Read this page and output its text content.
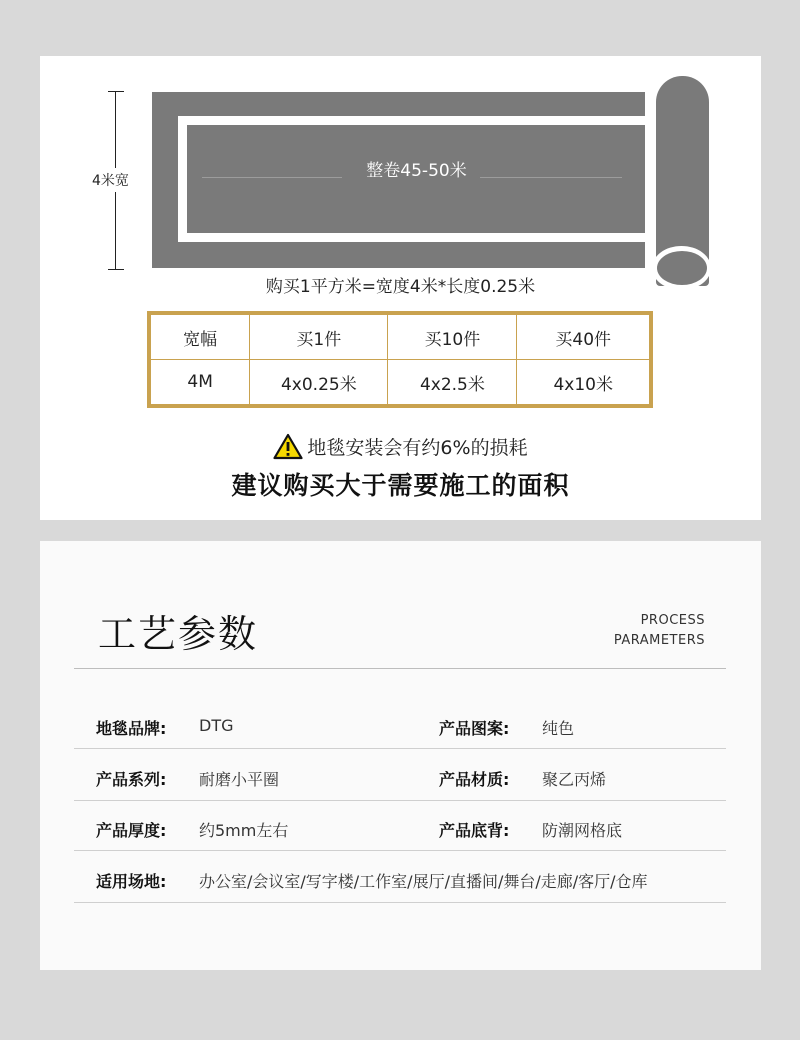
4米宽	整卷45-50米
购买1平方米=宽度4米*长度0.25米
宽幅	买1件	买10件	买40件
4M	4x0.25米	4x2.5米	4x10米
地毯安装会有约6%的损耗
建议购买大于需要施工的面积
工艺参数	PROCESS
PARAMETERS
地毯品牌: DTG	产品图案: 纯色
产品系列: 耐磨小平圈	产品材质: 聚乙丙烯
产品厚度: 约5mm左右	产品底背: 防潮网格底
适用场地: 办公室/会议室/写字楼/工作室/展厅/直播间/舞台/走廊/客厅/仓库
